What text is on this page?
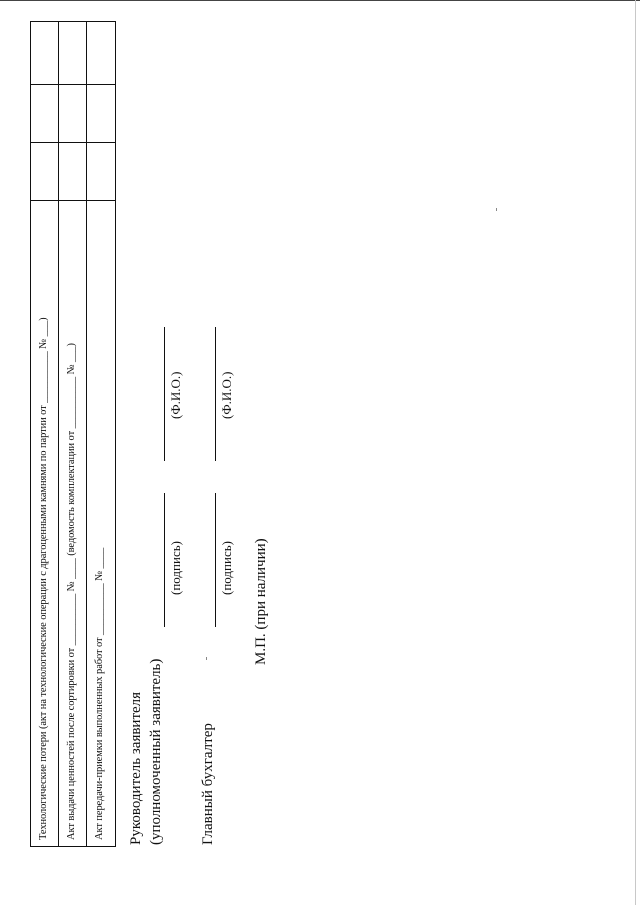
Технологические потери (акт на технологические операции с драгоценными камнями по партии от __________ № ___) Акт выдачи ценностей после сортировки от __________ № ____ (ведомость комплектации от __________ № ___) Акт передачи-приемки выполненных работ от __________ № ____ Руководитель заявителя (уполномоченный заявитель)
(подпись)
(Ф.И.О.)
Главный бухгалтер
(подпись)
(Ф.И.О.)
М.П. (при наличии)
